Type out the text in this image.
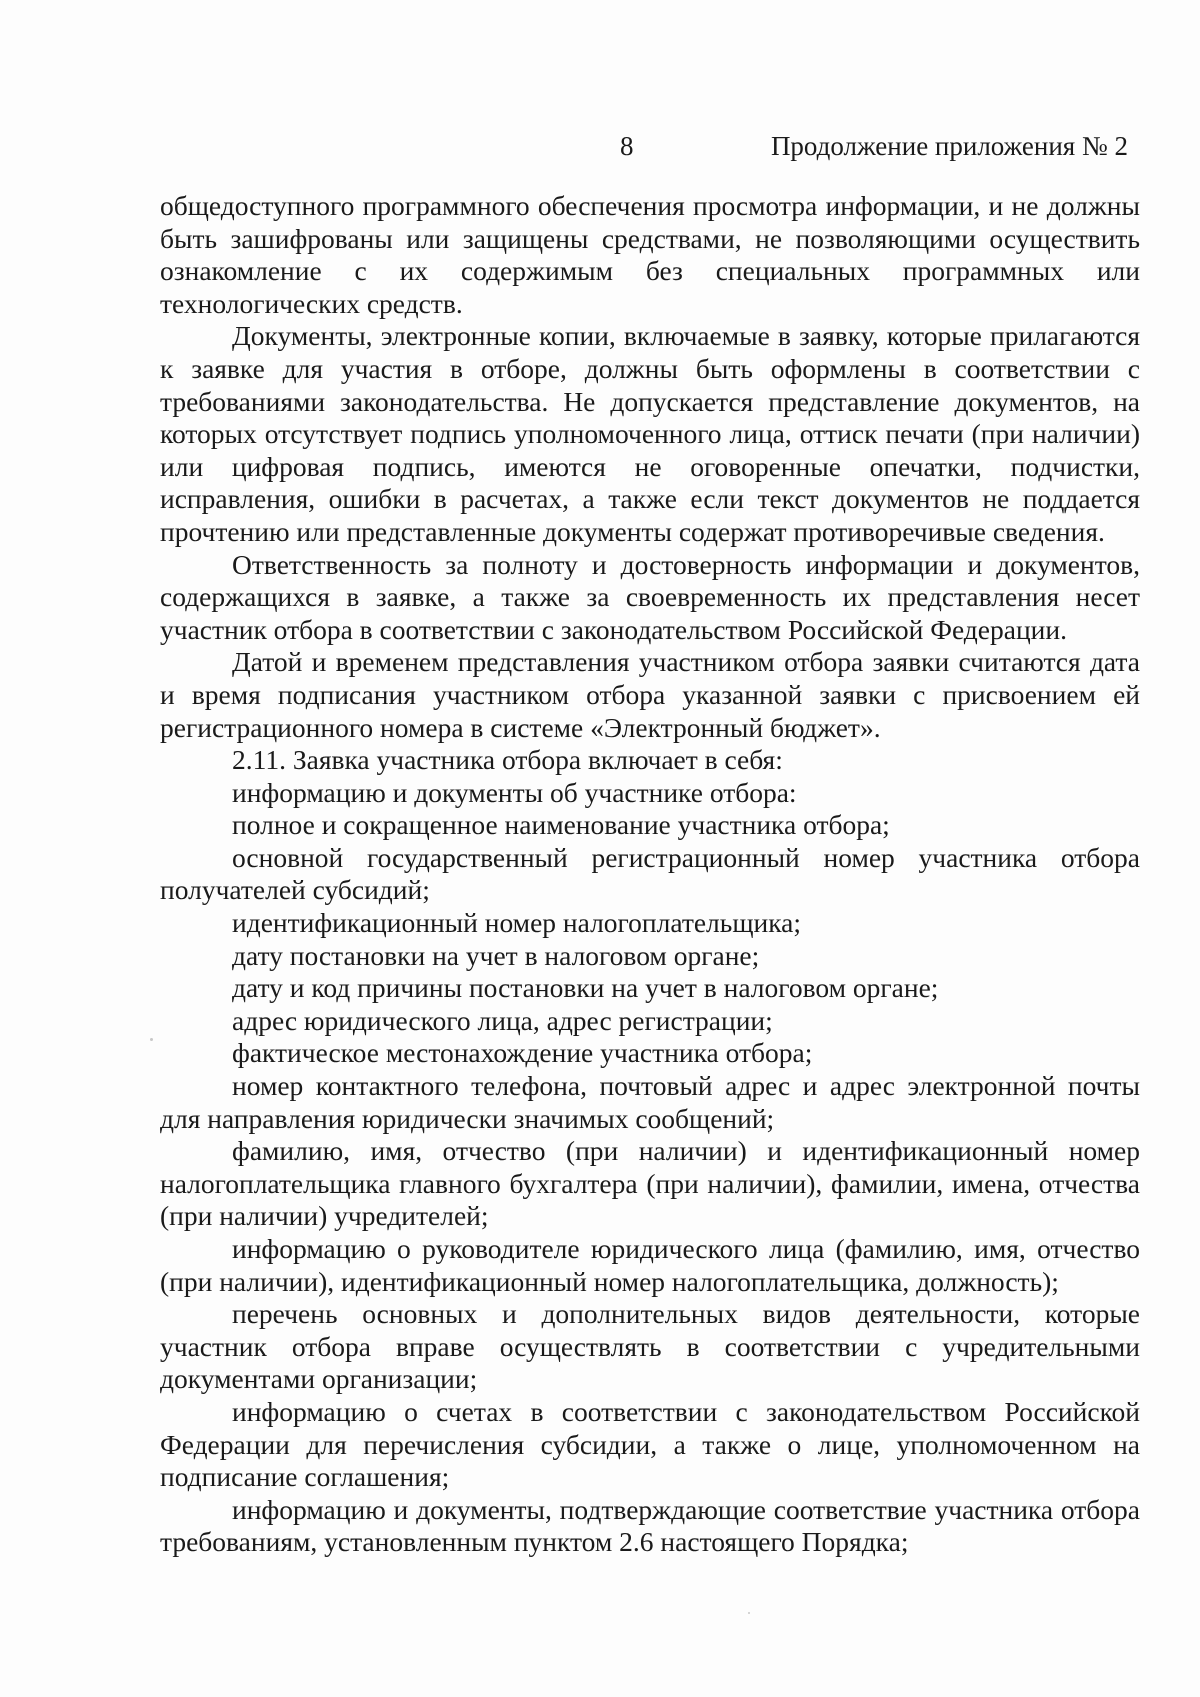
8	Продолжение приложения № 2

общедоступного программного обеспечения просмотра информации, и не должны быть зашифрованы или защищены средствами, не позволяющими осуществить ознакомление с их содержимым без специальных программных или технологических средств.

Документы, электронные копии, включаемые в заявку, которые прилагаются к заявке для участия в отборе, должны быть оформлены в соответствии с требованиями законодательства. Не допускается представление документов, на которых отсутствует подпись уполномоченного лица, оттиск печати (при наличии) или цифровая подпись, имеются не оговоренные опечатки, подчистки, исправления, ошибки в расчетах, а также если текст документов не поддается прочтению или представленные документы содержат противоречивые сведения.

Ответственность за полноту и достоверность информации и документов, содержащихся в заявке, а также за своевременность их представления несет участник отбора в соответствии с законодательством Российской Федерации.

Датой и временем представления участником отбора заявки считаются дата и время подписания участником отбора указанной заявки с присвоением ей регистрационного номера в системе «Электронный бюджет».

2.11. Заявка участника отбора включает в себя:

информацию и документы об участнике отбора:

полное и сокращенное наименование участника отбора;

основной государственный регистрационный номер участника отбора получателей субсидий;

идентификационный номер налогоплательщика;

дату постановки на учет в налоговом органе;

дату и код причины постановки на учет в налоговом органе;

адрес юридического лица, адрес регистрации;

фактическое местонахождение участника отбора;

номер контактного телефона, почтовый адрес и адрес электронной почты для направления юридически значимых сообщений;

фамилию, имя, отчество (при наличии) и идентификационный номер налогоплательщика главного бухгалтера (при наличии), фамилии, имена, отчества (при наличии) учредителей;

информацию о руководителе юридического лица (фамилию, имя, отчество (при наличии), идентификационный номер налогоплательщика, должность);

перечень основных и дополнительных видов деятельности, которые участник отбора вправе осуществлять в соответствии с учредительными документами организации;

информацию о счетах в соответствии с законодательством Российской Федерации для перечисления субсидии, а также о лице, уполномоченном на подписание соглашения;

информацию и документы, подтверждающие соответствие участника отбора требованиям, установленным пунктом 2.6 настоящего Порядка;
